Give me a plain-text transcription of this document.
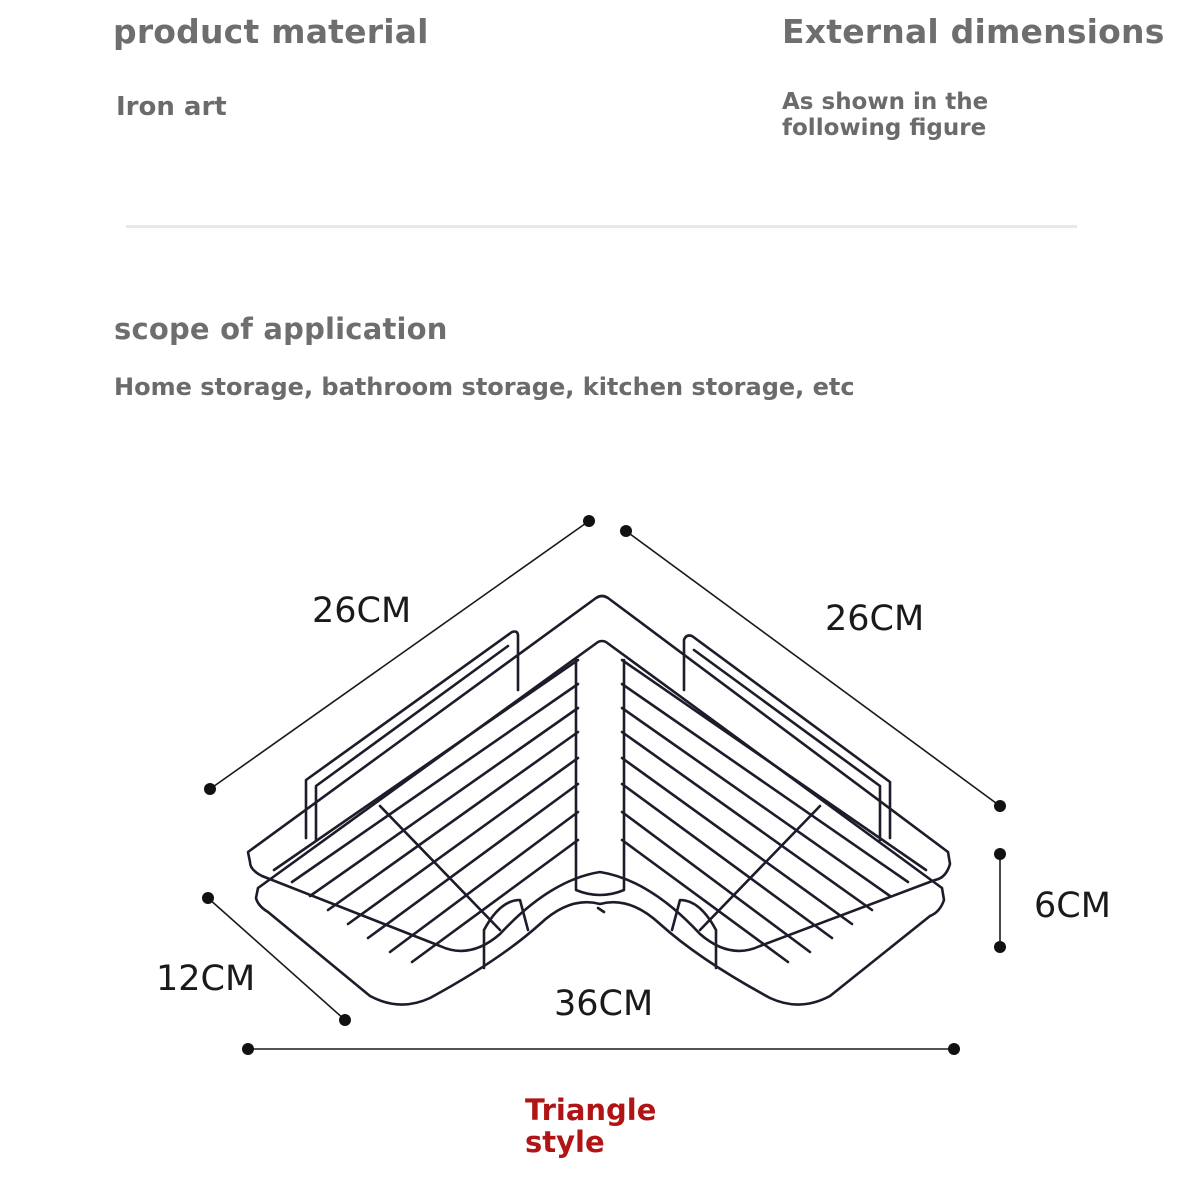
product material

Iron art

External dimensions

As shown in the following figure

scope of application

Home storage, bathroom storage, kitchen storage, etc

26CM	26CM
6CM
12CM
36CM

Triangle style
